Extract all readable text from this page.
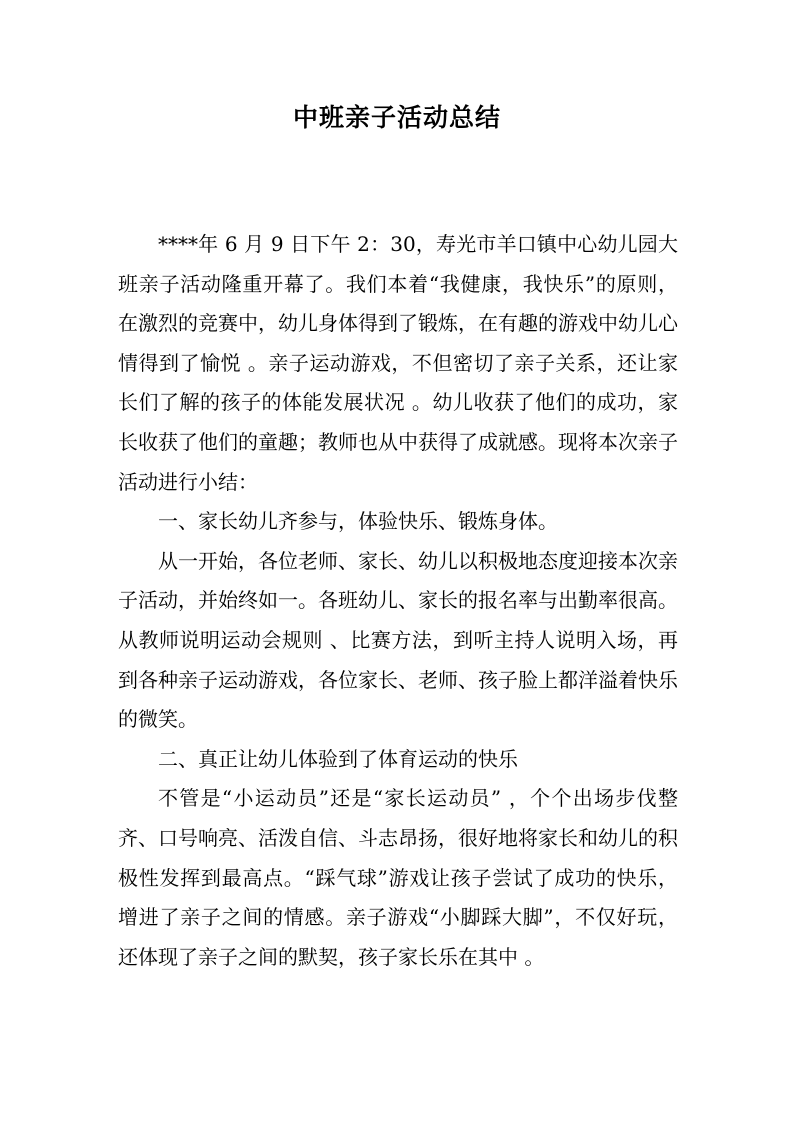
中班亲子活动总结

****年 6 月 9 日下午 2：30，寿光市羊口镇中心幼儿园大班亲子活动隆重开幕了。我们本着“我健康，我快乐”的原则，在激烈的竞赛中，幼儿身体得到了锻炼，在有趣的游戏中幼儿心情得到了愉悦 。亲子运动游戏，不但密切了亲子关系，还让家长们了解的孩子的体能发展状况 。幼儿收获了他们的成功，家长收获了他们的童趣；教师也从中获得了成就感。现将本次亲子活动进行小结：

一、家长幼儿齐参与，体验快乐、锻炼身体。

从一开始，各位老师、家长、幼儿以积极地态度迎接本次亲子活动，并始终如一。各班幼儿、家长的报名率与出勤率很高。从教师说明运动会规则 、比赛方法，到听主持人说明入场，再到各种亲子运动游戏，各位家长、老师、孩子脸上都洋溢着快乐的微笑。

二、真正让幼儿体验到了体育运动的快乐

不管是“小运动员”还是“家长运动员” ，个个出场步伐整齐、口号响亮、活泼自信、斗志昂扬，很好地将家长和幼儿的积极性发挥到最高点。“踩气球”游戏让孩子尝试了成功的快乐，增进了亲子之间的情感。亲子游戏“小脚踩大脚”，不仅好玩，还体现了亲子之间的默契，孩子家长乐在其中 。
